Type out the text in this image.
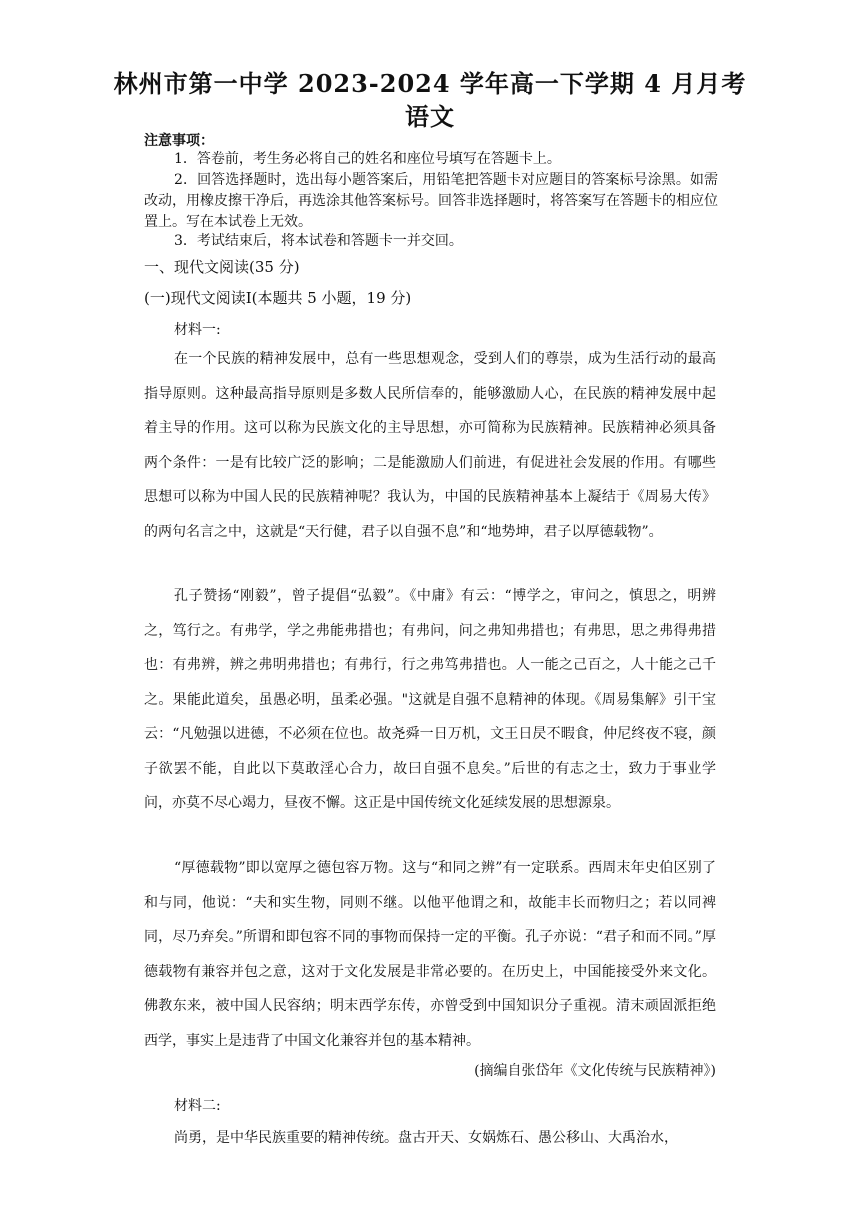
林州市第一中学 2023-2024 学年高一下学期 4 月月考
语文
注意事项：
1．答卷前，考生务必将自己的姓名和座位号填写在答题卡上。
2．回答选择题时，选出每小题答案后，用铅笔把答题卡对应题目的答案标号涂黑。如需改动，用橡皮擦干净后，再选涂其他答案标号。回答非选择题时，将答案写在答题卡的相应位置上。写在本试卷上无效。
3．考试结束后，将本试卷和答题卡一并交回。
一、现代文阅读(35 分)
(一)现代文阅读Ⅰ(本题共 5 小题，19 分)
材料一:
在一个民族的精神发展中，总有一些思想观念，受到人们的尊崇，成为生活行动的最高指导原则。这种最高指导原则是多数人民所信奉的，能够激励人心，在民族的精神发展中起着主导的作用。这可以称为民族文化的主导思想，亦可简称为民族精神。民族精神必须具备两个条件：一是有比较广泛的影响；二是能激励人们前进，有促进社会发展的作用。有哪些思想可以称为中国人民的民族精神呢？我认为，中国的民族精神基本上凝结于《周易大传》的两句名言之中，这就是“天行健，君子以自强不息”和“地势坤，君子以厚德载物”。
孔子赞扬“刚毅”，曾子提倡“弘毅”。《中庸》有云：“博学之，审问之，慎思之，明辨之，笃行之。有弗学，学之弗能弗措也；有弗问，问之弗知弗措也；有弗思，思之弗得弗措也：有弗辨，辨之弗明弗措也；有弗行，行之弗笃弗措也。人一能之己百之，人十能之己千之。果能此道矣，虽愚必明，虽柔必强。"这就是自强不息精神的体现。《周易集解》引干宝云：“凡勉强以进德，不必须在位也。故尧舜一日万机，文王日昃不暇食，仲尼终夜不寝，颜子欲罢不能，自此以下莫敢淫心合力，故曰自强不息矣。”后世的有志之士，致力于事业学问，亦莫不尽心竭力，昼夜不懈。这正是中国传统文化延续发展的思想源泉。
“厚德载物”即以宽厚之德包容万物。这与“和同之辨”有一定联系。西周末年史伯区别了和与同，他说：“夫和实生物，同则不继。以他平他谓之和，故能丰长而物归之；若以同裨同，尽乃弃矣。”所谓和即包容不同的事物而保持一定的平衡。孔子亦说：“君子和而不同。”厚德载物有兼容并包之意，这对于文化发展是非常必要的。在历史上，中国能接受外来文化。佛教东来，被中国人民容纳；明末西学东传，亦曾受到中国知识分子重视。清末顽固派拒绝西学，事实上是违背了中国文化兼容并包的基本精神。
(摘编自张岱年《文化传统与民族精神》)
材料二:
尚勇，是中华民族重要的精神传统。盘古开天、女娲炼石、愚公移山、大禹治水，
